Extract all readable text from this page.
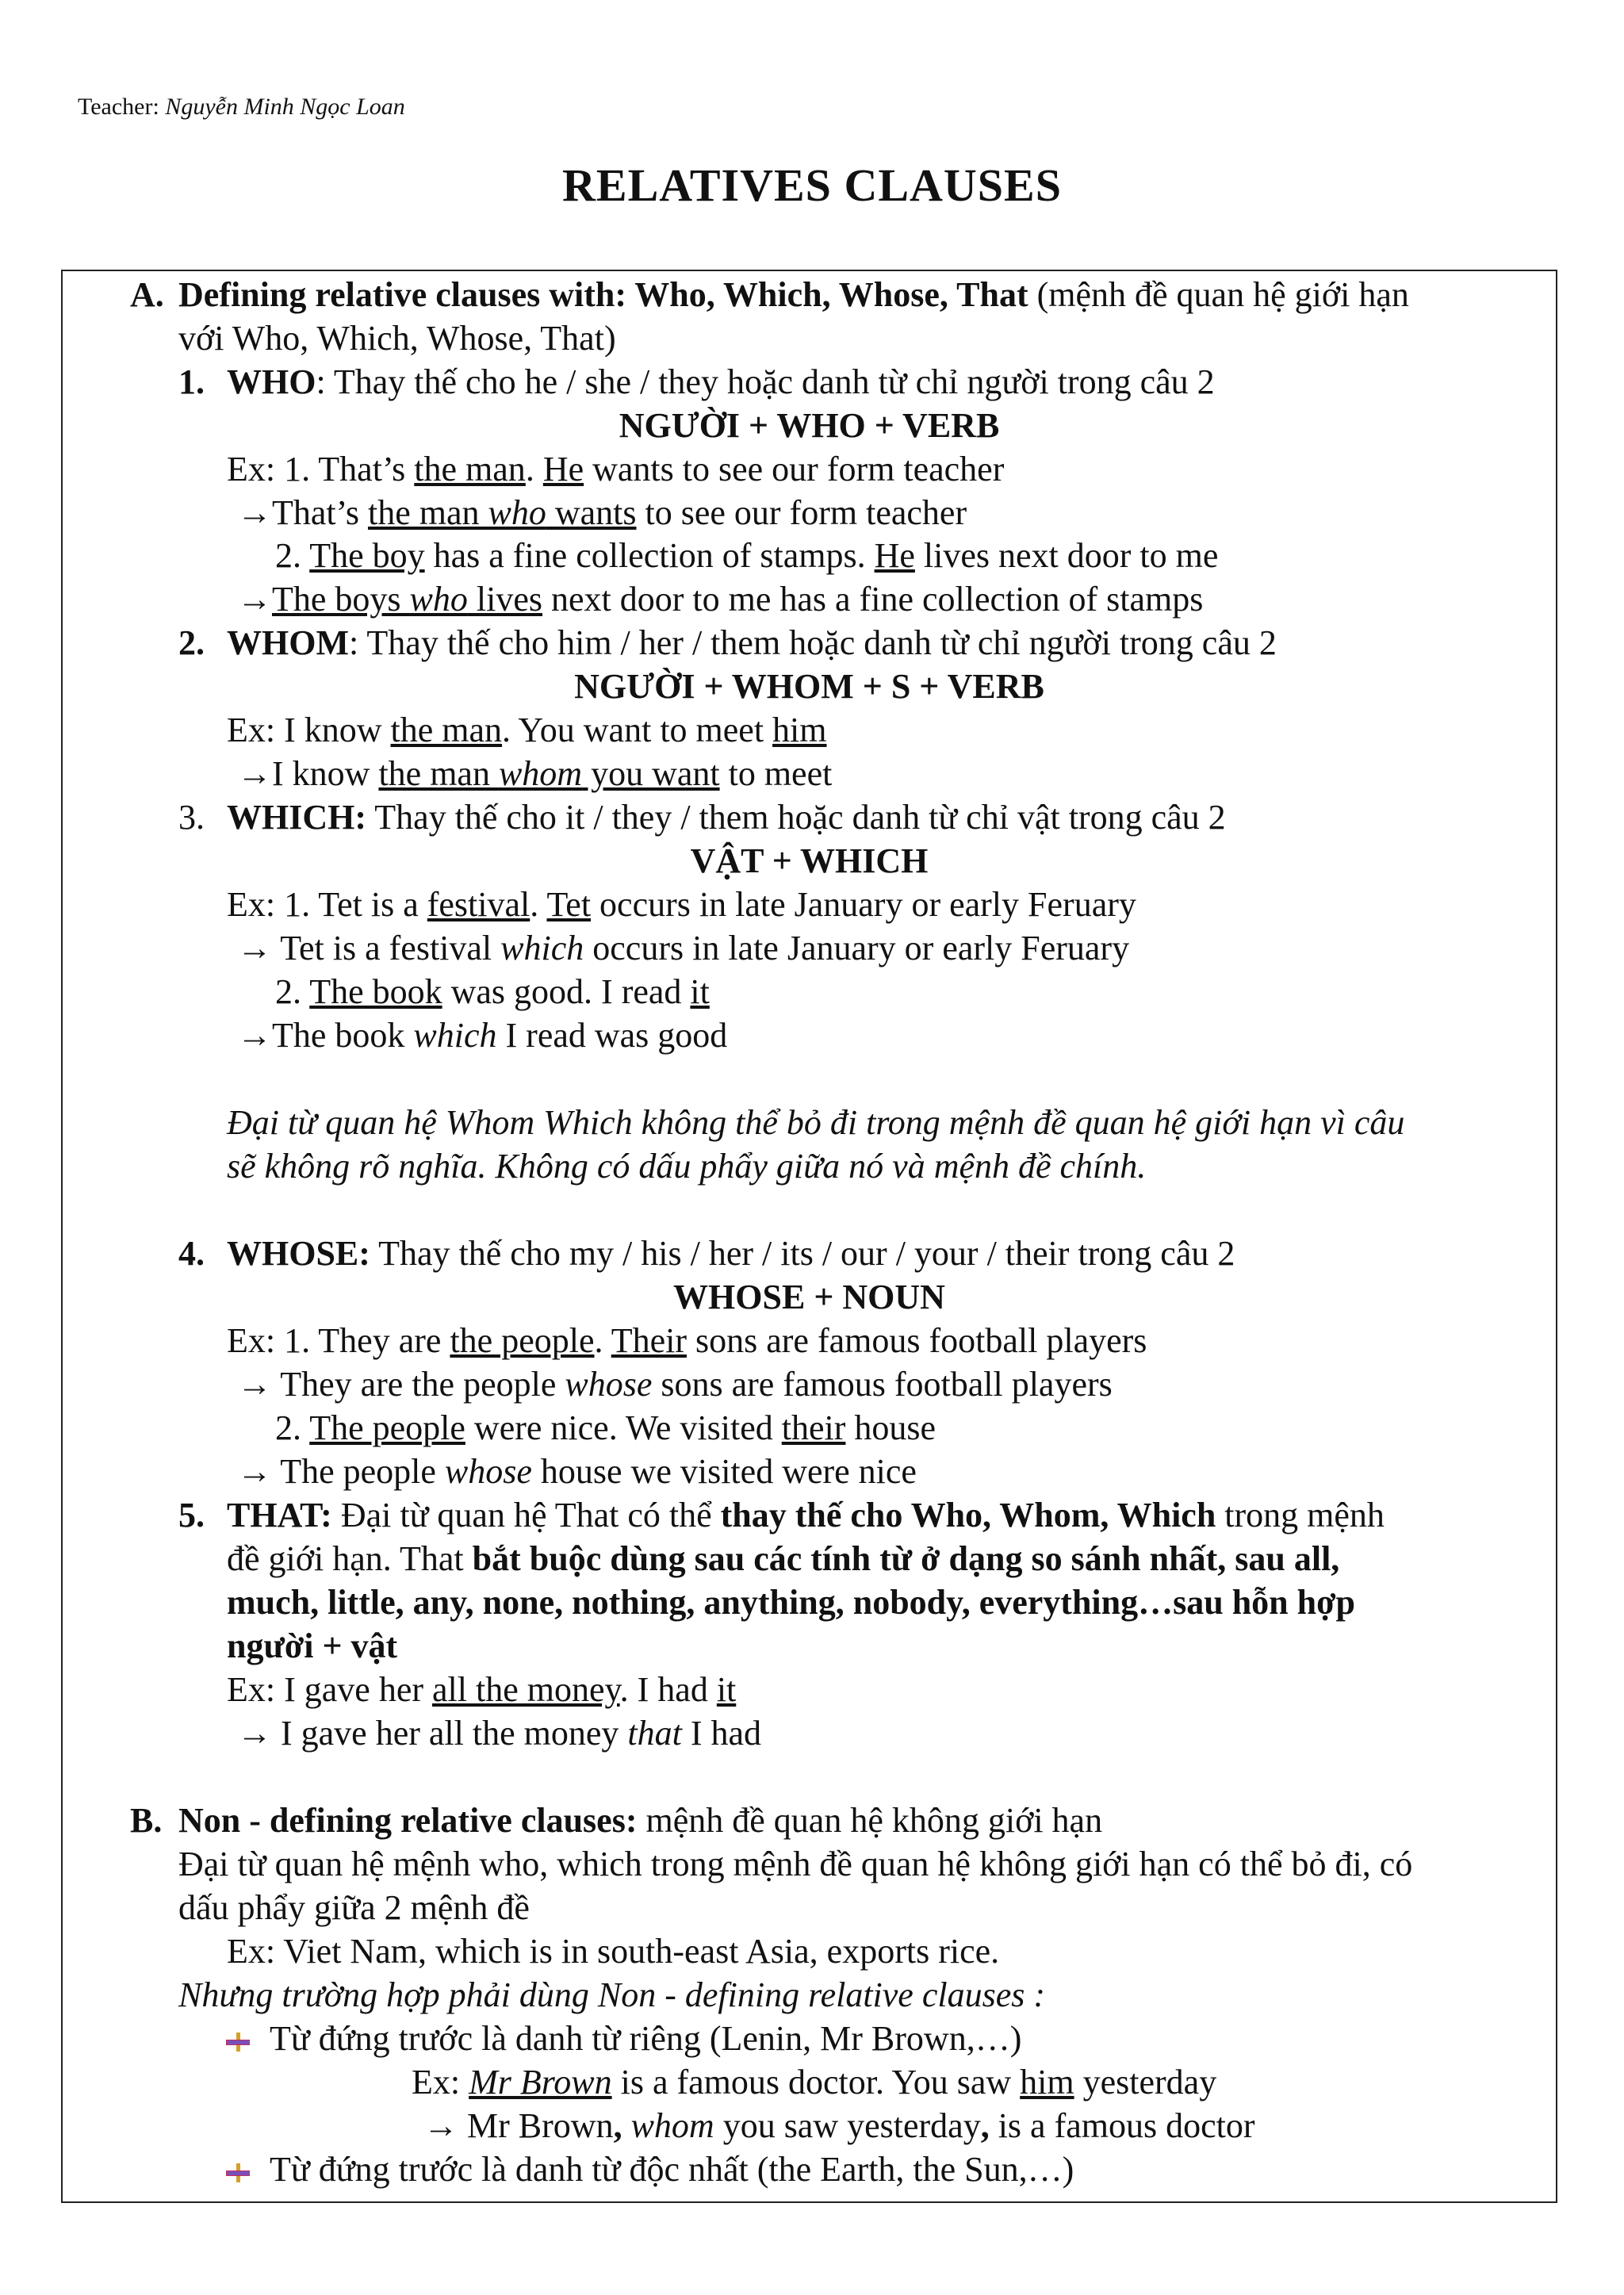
Teacher: Nguyễn Minh Ngọc Loan
RELATIVES CLAUSES
A. Defining relative clauses with: Who, Which, Whose, That (mệnh đề quan hệ giới hạn
với Who, Which, Whose, That)
1. WHO: Thay thế cho he / she / they hoặc danh từ chỉ người trong câu 2
NGƯỜI + WHO + VERB
Ex: 1. That’s the man. He wants to see our form teacher
→That’s the man who wants to see our form teacher
2. The boy has a fine collection of stamps. He lives next door to me
→The boys who lives next door to me has a fine collection of stamps
2. WHOM: Thay thế cho him / her / them hoặc danh từ chỉ người trong câu 2
NGƯỜI + WHOM + S + VERB
Ex: I know the man. You want to meet him
→I know the man whom you want to meet
3. WHICH: Thay thế cho it / they / them hoặc danh từ chỉ vật trong câu 2
VẬT + WHICH
Ex: 1. Tet is a festival. Tet occurs in late January or early Feruary
→ Tet is a festival which occurs in late January or early Feruary
2. The book was good. I read it
→The book which I read was good
Đại từ quan hệ Whom Which không thể bỏ đi trong mệnh đề quan hệ giới hạn vì câu
sẽ không rõ nghĩa. Không có dấu phẩy giữa nó và mệnh đề chính.
4. WHOSE: Thay thế cho my / his / her / its / our / your / their trong câu 2
WHOSE + NOUN
Ex: 1. They are the people. Their sons are famous football players
→ They are the people whose sons are famous football players
2. The people were nice. We visited their house
→ The people whose house we visited were nice
5. THAT: Đại từ quan hệ That có thể thay thế cho Who, Whom, Which trong mệnh
đề giới hạn. That bắt buộc dùng sau các tính từ ở dạng so sánh nhất, sau all,
much, little, any, none, nothing, anything, nobody, everything…sau hỗn hợp
người + vật
Ex: I gave her all the money. I had it
→ I gave her all the money that I had
B. Non - defining relative clauses: mệnh đề quan hệ không giới hạn
Đại từ quan hệ mệnh who, which trong mệnh đề quan hệ không giới hạn có thể bỏ đi, có
dấu phẩy giữa 2 mệnh đề
Ex: Viet Nam, which is in south-east Asia, exports rice.
Nhưng trường hợp phải dùng Non - defining relative clauses :
Từ đứng trước là danh từ riêng (Lenin, Mr Brown,…)
Ex: Mr Brown is a famous doctor. You saw him yesterday
→ Mr Brown, whom you saw yesterday, is a famous doctor
Từ đứng trước là danh từ độc nhất (the Earth, the Sun,…)
